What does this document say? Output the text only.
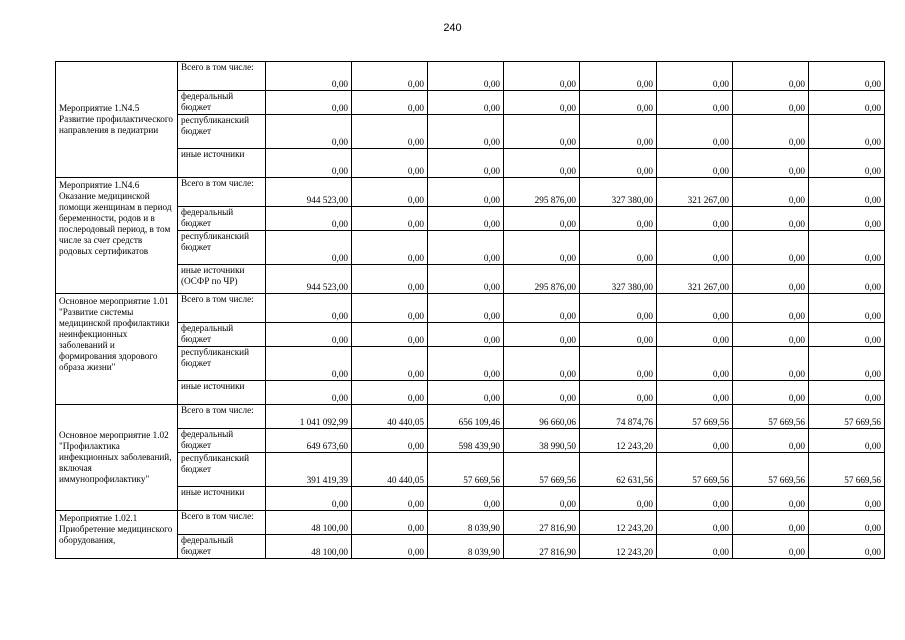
240
Мероприятие 1.N4.5 Развитие профилактического направления в педиатрии	Всего в том числе:	0,00	0,00	0,00	0,00	0,00	0,00	0,00	0,00
	федеральный бюджет	0,00	0,00	0,00	0,00	0,00	0,00	0,00	0,00
	республиканский бюджет	0,00	0,00	0,00	0,00	0,00	0,00	0,00	0,00
	иные источники	0,00	0,00	0,00	0,00	0,00	0,00	0,00	0,00
Мероприятие 1.N4.6 Оказание медицинской помощи женщинам в период беременности, родов и в послеродовый период, в том числе за счет средств родовых сертификатов	Всего в том числе:	944 523,00	0,00	0,00	295 876,00	327 380,00	321 267,00	0,00	0,00
	федеральный бюджет	0,00	0,00	0,00	0,00	0,00	0,00	0,00	0,00
	республиканский бюджет	0,00	0,00	0,00	0,00	0,00	0,00	0,00	0,00
	иные источники (ОСФР по ЧР)	944 523,00	0,00	0,00	295 876,00	327 380,00	321 267,00	0,00	0,00
Основное мероприятие 1.01 "Развитие системы медицинской профилактики неинфекционных заболеваний и формирования здорового образа жизни"	Всего в том числе:	0,00	0,00	0,00	0,00	0,00	0,00	0,00	0,00
	федеральный бюджет	0,00	0,00	0,00	0,00	0,00	0,00	0,00	0,00
	республиканский бюджет	0,00	0,00	0,00	0,00	0,00	0,00	0,00	0,00
	иные источники	0,00	0,00	0,00	0,00	0,00	0,00	0,00	0,00
Основное мероприятие 1.02 "Профилактика инфекционных заболеваний, включая иммунопрофилактику"	Всего в том числе:	1 041 092,99	40 440,05	656 109,46	96 660,06	74 874,76	57 669,56	57 669,56	57 669,56
	федеральный бюджет	649 673,60	0,00	598 439,90	38 990,50	12 243,20	0,00	0,00	0,00
	республиканский бюджет	391 419,39	40 440,05	57 669,56	57 669,56	62 631,56	57 669,56	57 669,56	57 669,56
	иные источники	0,00	0,00	0,00	0,00	0,00	0,00	0,00	0,00
Мероприятие 1.02.1 Приобретение медицинского оборудования,	Всего в том числе:	48 100,00	0,00	8 039,90	27 816,90	12 243,20	0,00	0,00	0,00
	федеральный бюджет	48 100,00	0,00	8 039,90	27 816,90	12 243,20	0,00	0,00	0,00
